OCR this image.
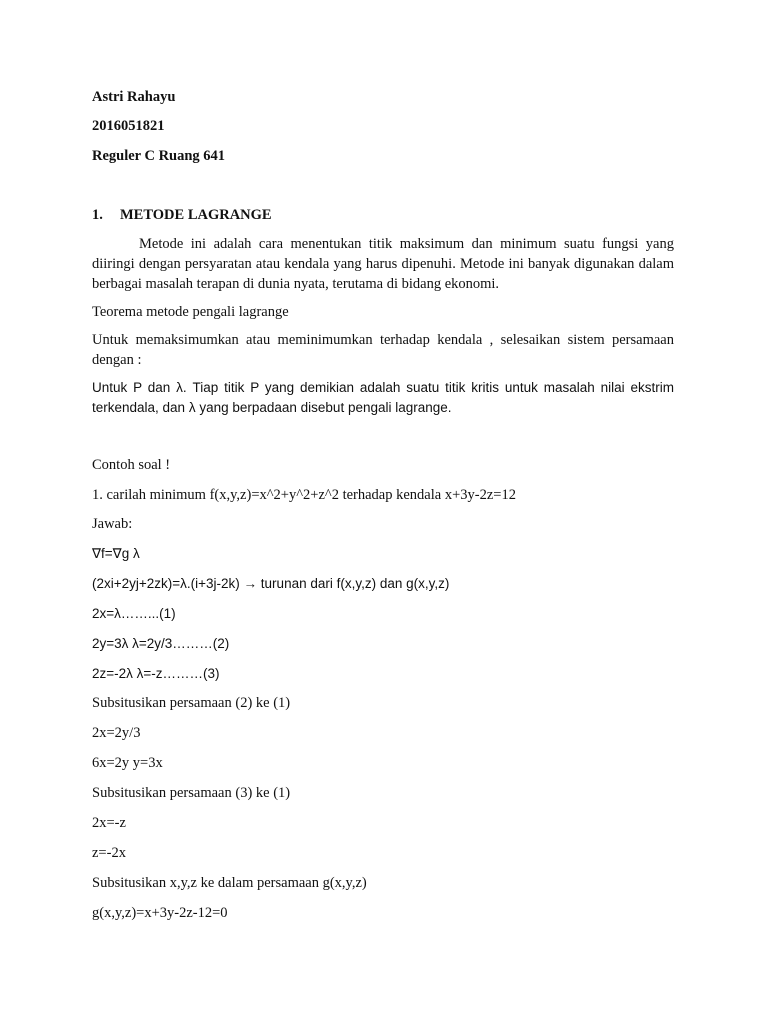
Astri Rahayu
2016051821
Reguler C Ruang 641
1. METODE LAGRANGE
Metode ini adalah cara menentukan titik maksimum dan minimum suatu fungsi yang diiringi dengan persyaratan atau kendala yang harus dipenuhi. Metode ini banyak digunakan dalam berbagai masalah terapan di dunia nyata, terutama di bidang ekonomi.
Teorema metode pengali lagrange
Untuk memaksimumkan atau meminimumkan terhadap kendala , selesaikan sistem persamaan dengan :
Untuk P dan λ. Tiap titik P yang demikian adalah suatu titik kritis untuk masalah nilai ekstrim terkendala, dan λ yang berpadaan disebut pengali lagrange.
Contoh soal !
1. carilah minimum f(x,y,z)=x^2+y^2+z^2 terhadap kendala x+3y-2z=12
Jawab:
∇f=∇g λ
(2xi+2yj+2zk)=λ.(i+3j-2k) → turunan dari f(x,y,z) dan g(x,y,z)
2x=λ……...(1)
2y=3λ λ=2y/3………(2)
2z=-2λ λ=-z………(3)
Subsitusikan persamaan (2) ke (1)
2x=2y/3
6x=2y y=3x
Subsitusikan persamaan (3) ke (1)
2x=-z
z=-2x
Subsitusikan x,y,z ke dalam persamaan g(x,y,z)
g(x,y,z)=x+3y-2z-12=0
